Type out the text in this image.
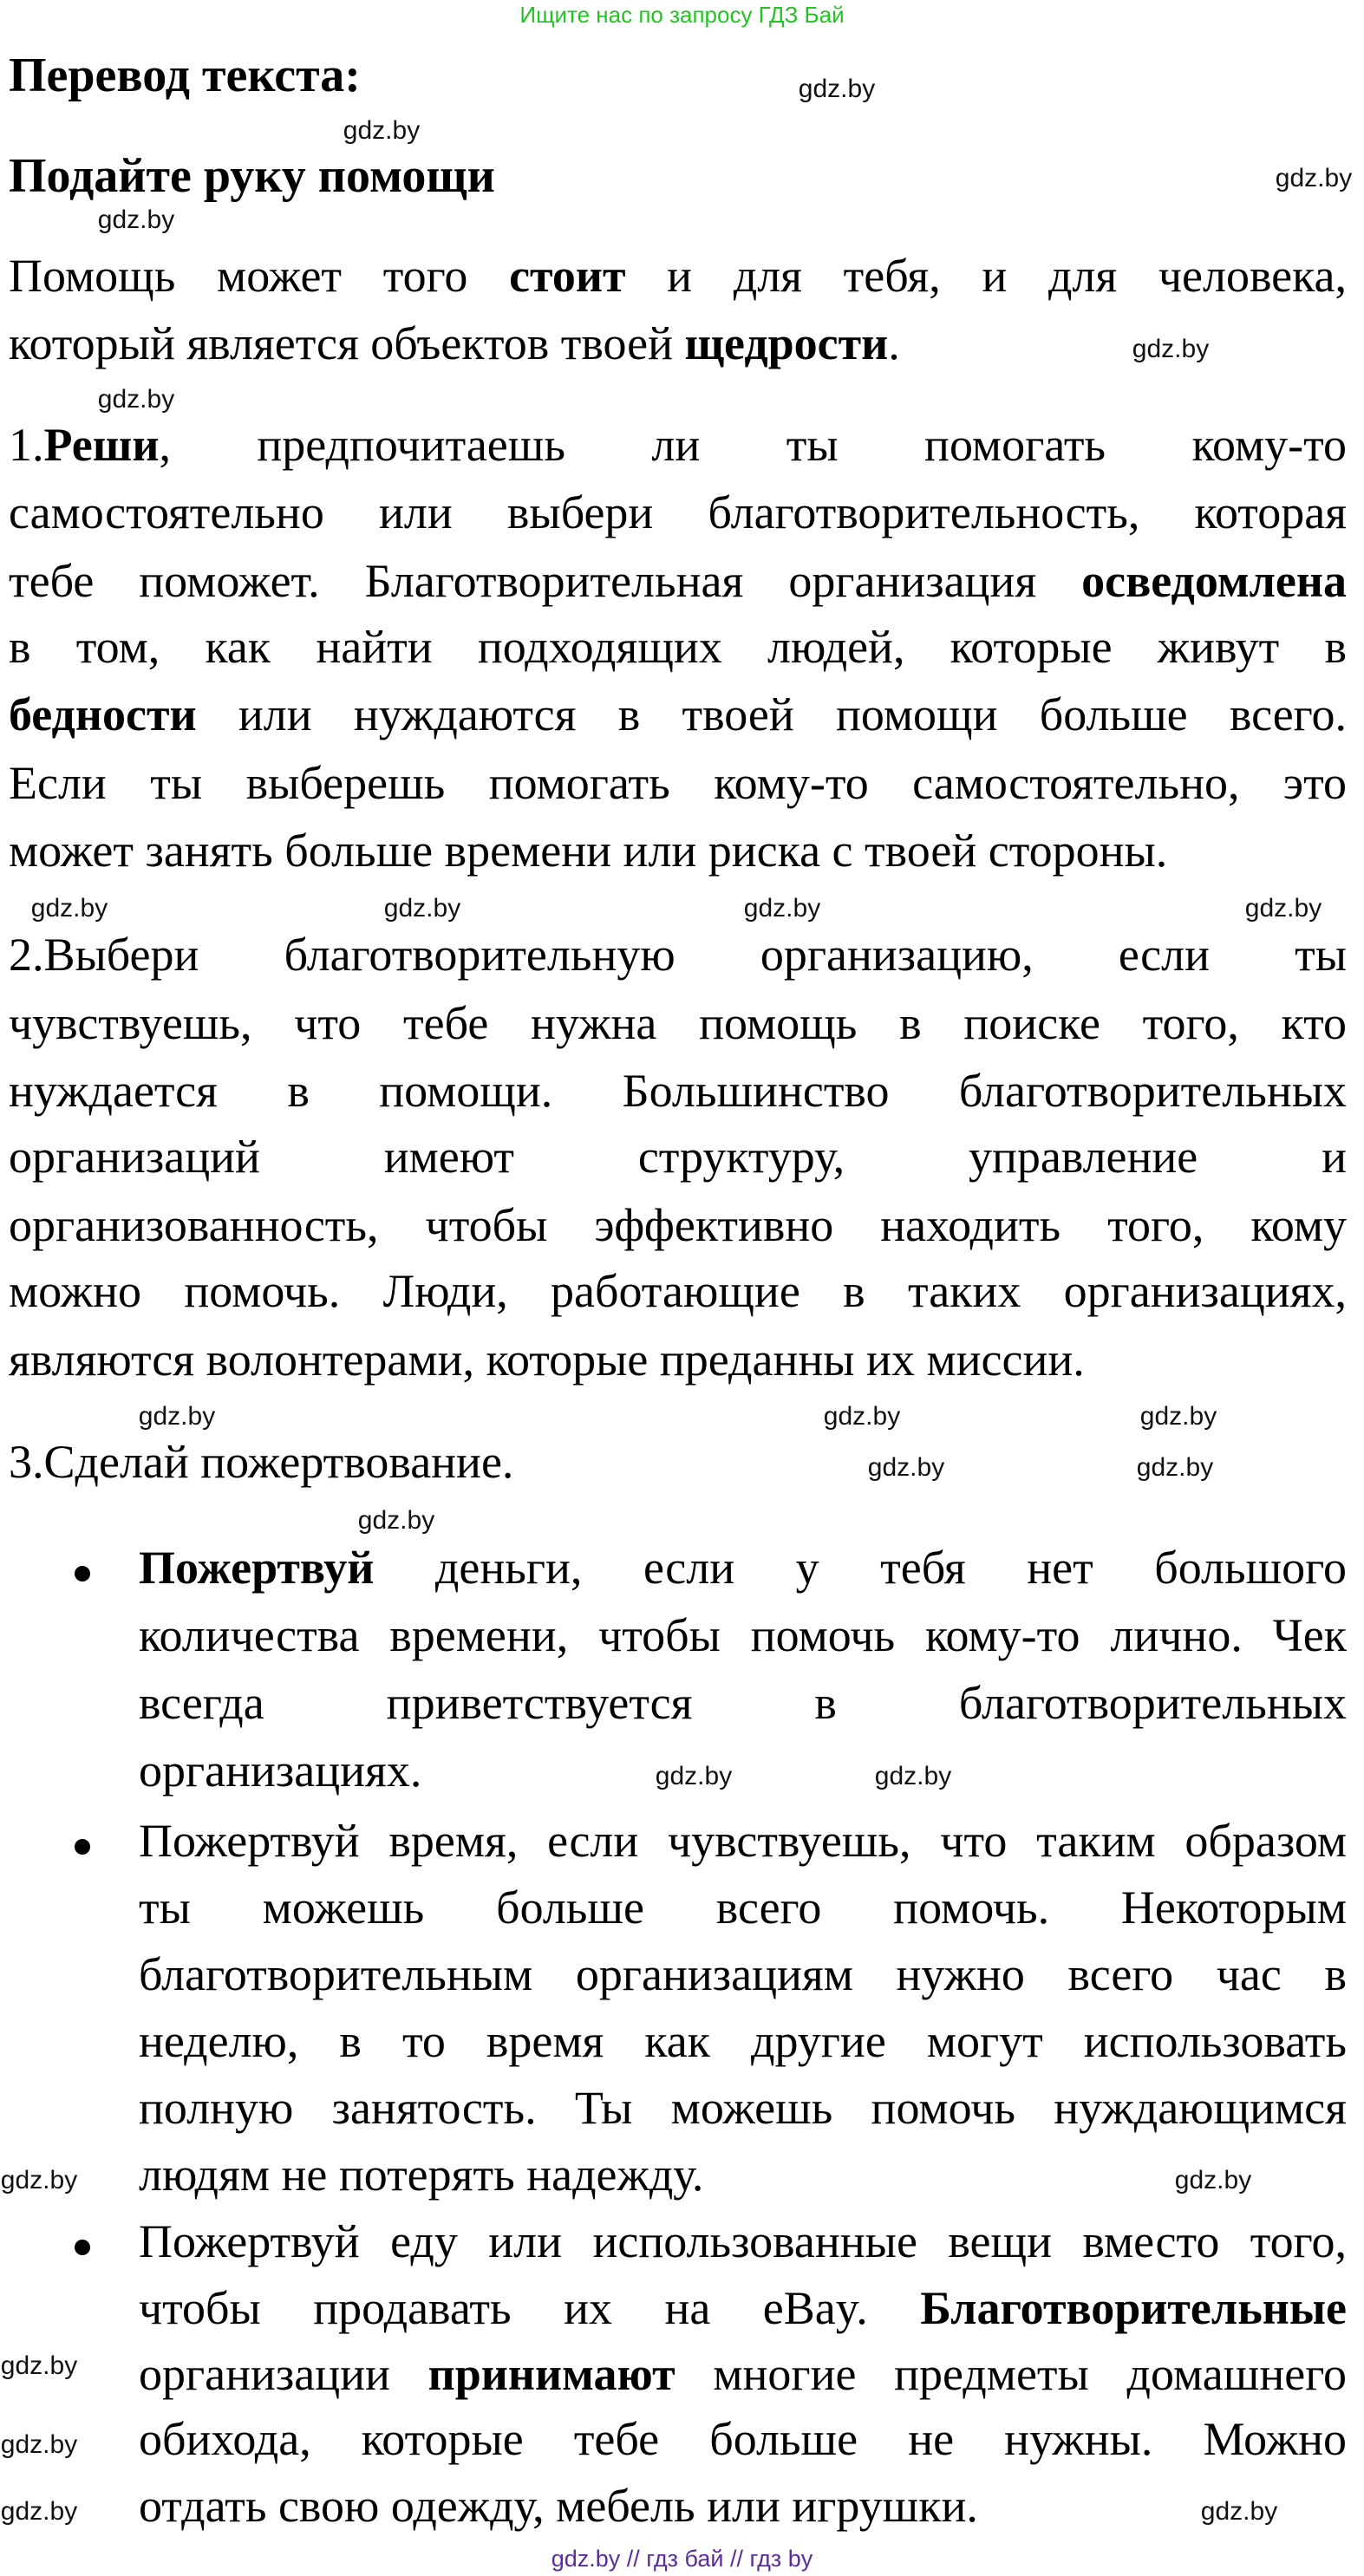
Ищите нас по запросу ГДЗ Бай
Перевод текста:
Подайте руку помощи
Помощь может того стоит и для тебя, и для человека,
который является объектов твоей щедрости.
1.Реши, предпочитаешь ли ты помогать кому-то
самостоятельно или выбери благотворительность, которая
тебе поможет. Благотворительная организация осведомлена
в том, как найти подходящих людей, которые живут в
бедности или нуждаются в твоей помощи больше всего.
Если ты выберешь помогать кому-то самостоятельно, это
может занять больше времени или риска с твоей стороны.
2.Выбери благотворительную организацию, если ты
чувствуешь, что тебе нужна помощь в поиске того, кто
нуждается в помощи. Большинство благотворительных
организаций имеют структуру, управление и
организованность, чтобы эффективно находить того, кому
можно помочь. Люди, работающие в таких организациях,
являются волонтерами, которые преданны их миссии.
3.Сделай пожертвование.
Пожертвуй деньги, если у тебя нет большого
количества времени, чтобы помочь кому-то лично. Чек
всегда приветствуется в благотворительных
организациях.
Пожертвуй время, если чувствуешь, что таким образом
ты можешь больше всего помочь. Некоторым
благотворительным организациям нужно всего час в
неделю, в то время как другие могут использовать
полную занятость. Ты можешь помочь нуждающимся
людям не потерять надежду.
Пожертвуй еду или использованные вещи вместо того,
чтобы продавать их на eBay. Благотворительные
организации принимают многие предметы домашнего
обихода, которые тебе больше не нужны. Можно
отдать свою одежду, мебель или игрушки.
gdz.by
gdz.by
gdz.by
gdz.by
gdz.by
gdz.by
gdz.by	gdz.by
gdz.by	gdz.by
gdz.by
gdz.by
gdz.by
gdz.by
gdz.by
gdz.by
gdz.by
gdz.by
gdz.by
gdz.by
gdz.by
gdz.by
gdz.by	gdz.by
gdz.by // гдз бай // гдз by
